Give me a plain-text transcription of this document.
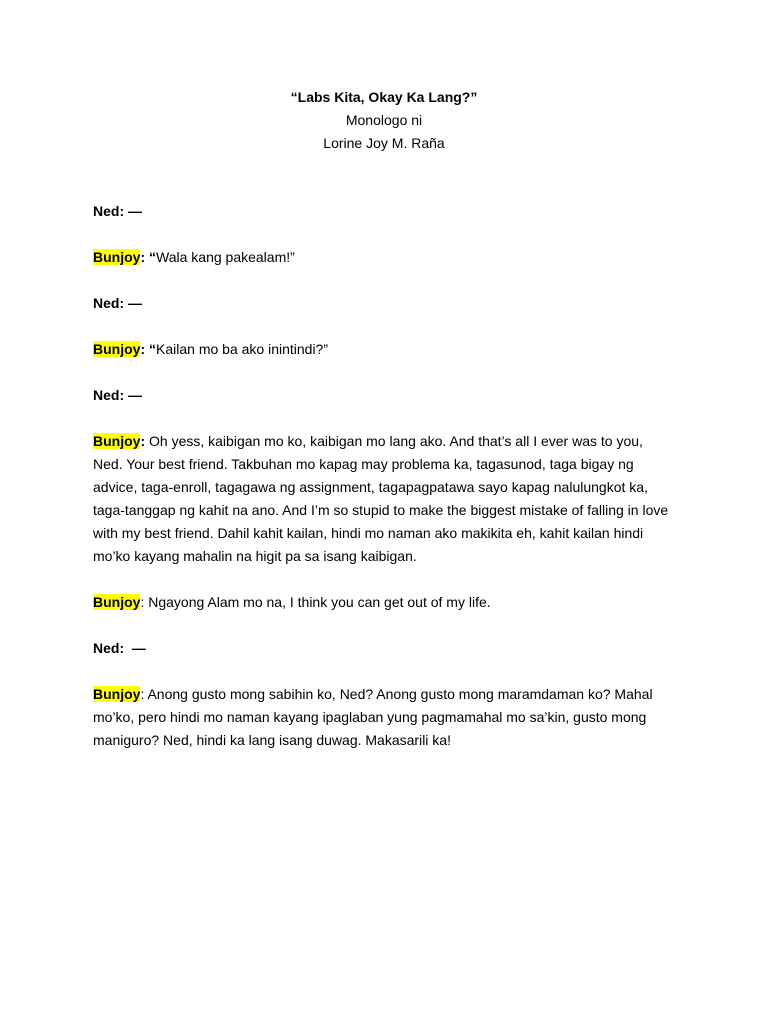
“Labs Kita, Okay Ka Lang?”
Monologo ni
Lorine Joy M. Raña

Ned: —

Bunjoy: “Wala kang pakealam!”

Ned: —

Bunjoy: “Kailan mo ba ako inintindi?”

Ned: —

Bunjoy: Oh yess, kaibigan mo ko, kaibigan mo lang ako. And that’s all I ever was to you, Ned. Your best friend. Takbuhan mo kapag may problema ka, tagasunod, taga bigay ng advice, taga-enroll, tagagawa ng assignment, tagapagpatawa sayo kapag nalulungkot ka, taga-tanggap ng kahit na ano. And I’m so stupid to make the biggest mistake of falling in love with my best friend. Dahil kahit kailan, hindi mo naman ako makikita eh, kahit kailan hindi mo’ko kayang mahalin na higit pa sa isang kaibigan.

Bunjoy: Ngayong Alam mo na, I think you can get out of my life.

Ned:  —

Bunjoy: Anong gusto mong sabihin ko, Ned? Anong gusto mong maramdaman ko? Mahal mo’ko, pero hindi mo naman kayang ipaglaban yung pagmamahal mo sa’kin, gusto mong maniguro? Ned, hindi ka lang isang duwag. Makasarili ka!
